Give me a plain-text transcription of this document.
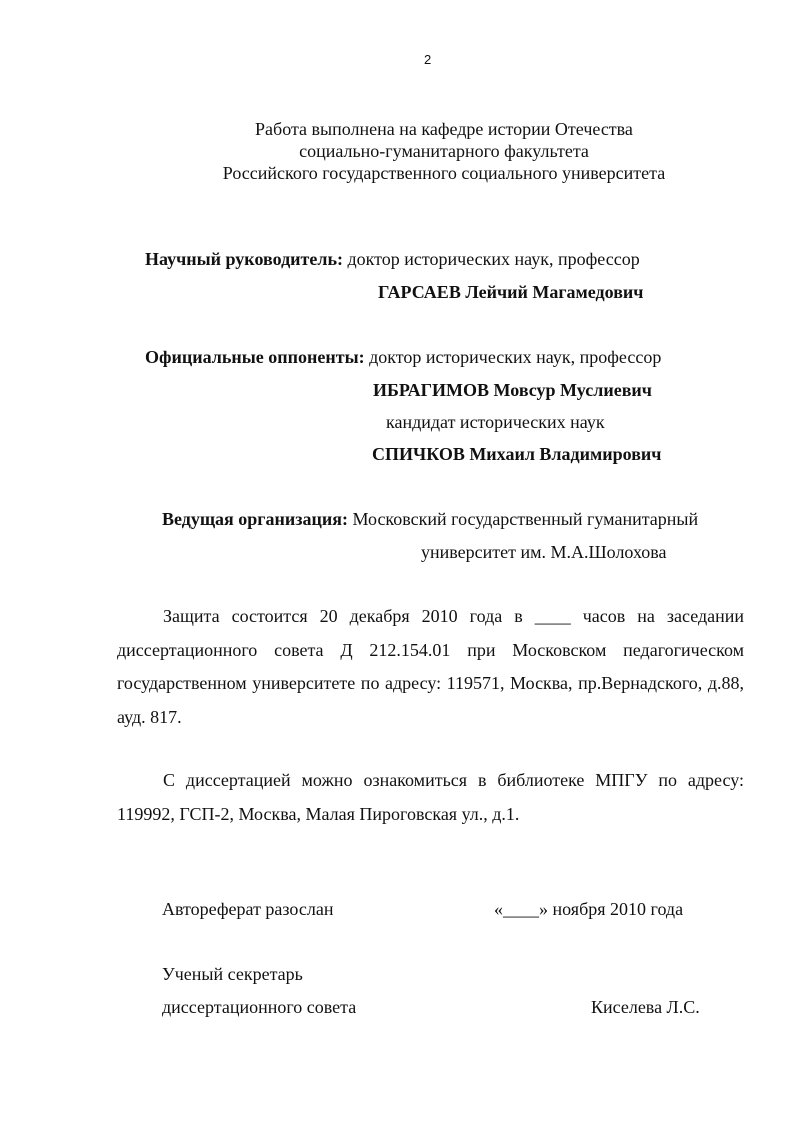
2
Работа выполнена на кафедре истории Отечества
социально-гуманитарного факультета
Российского государственного социального университета
Научный руководитель: доктор исторических наук, профессор
ГАРСАЕВ Лейчий Магамедович
Официальные оппоненты: доктор исторических наук, профессор
ИБРАГИМОВ Мовсур Муслиевич
кандидат исторических наук
СПИЧКОВ Михаил Владимирович
Ведущая организация: Московский государственный гуманитарный
университет им. М.А.Шолохова
Защита состоится 20 декабря 2010 года в ____ часов на заседании диссертационного совета Д 212.154.01 при Московском педагогическом государственном университете по адресу: 119571, Москва, пр.Вернадского, д.88, ауд. 817.
С диссертацией можно ознакомиться в библиотеке МПГУ по адресу: 119992, ГСП-2, Москва, Малая Пироговская ул., д.1.
Автореферат разослан	«____» ноября 2010 года
Ученый секретарь
диссертационного совета	Киселева Л.С.
